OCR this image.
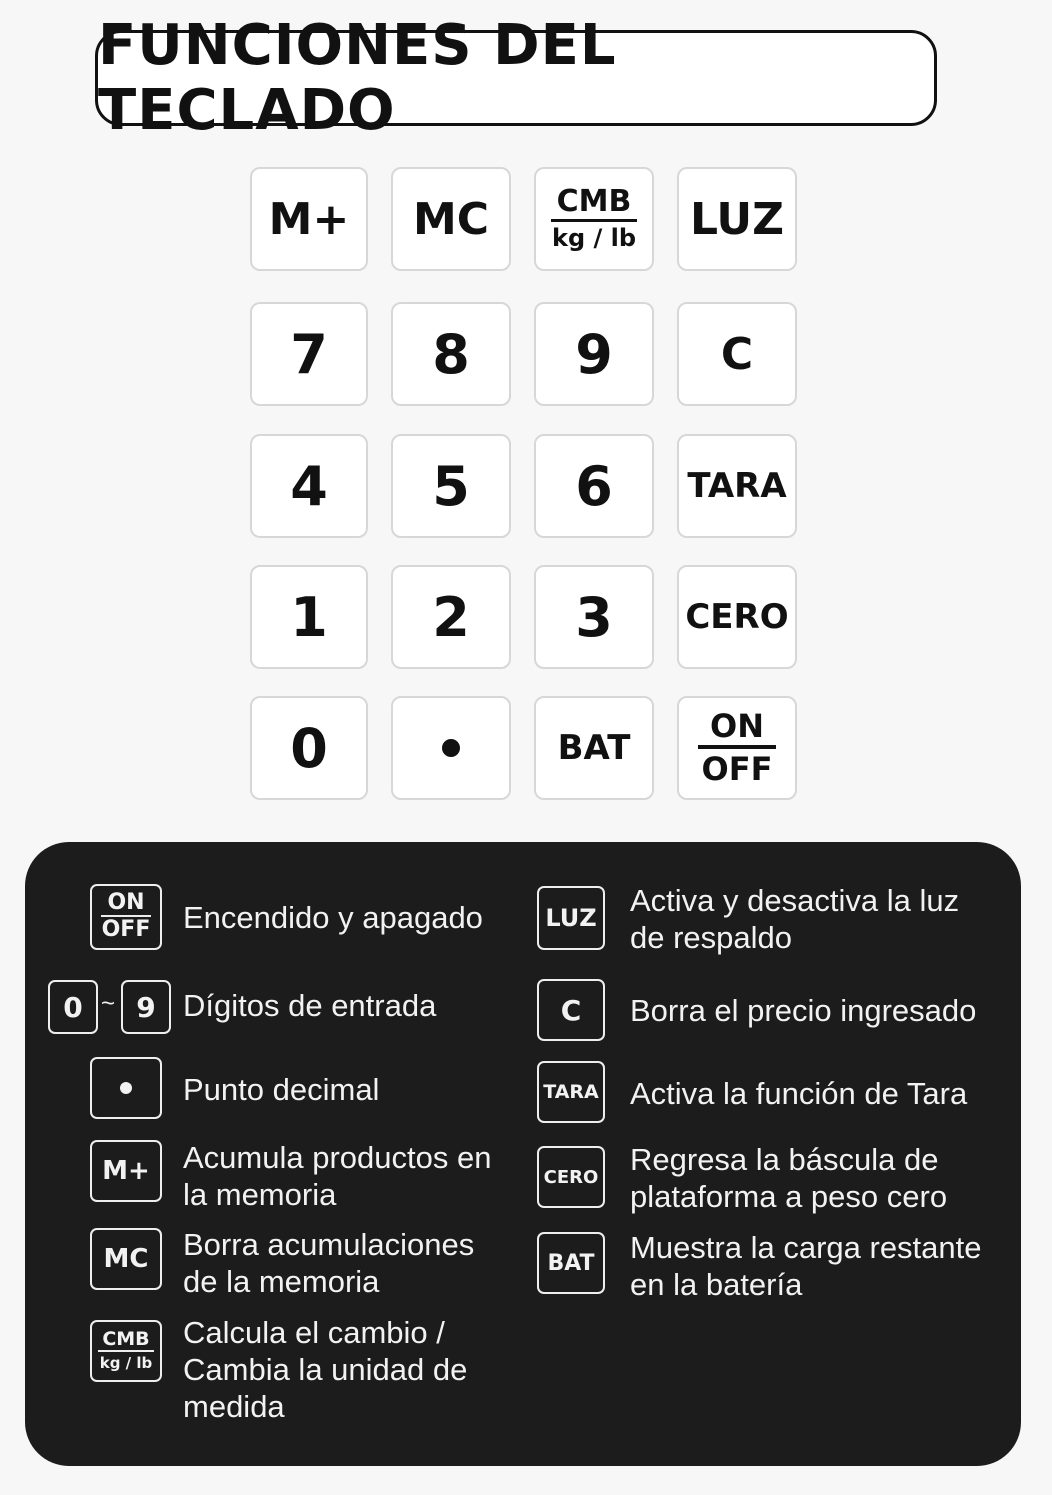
FUNCIONES DEL TECLADO
M+ MC CMB
kg / lb LUZ
7 8 9 C
4 5 6 TARA
1 2 3 CERO
0	BAT
ON
OFF
ON
OFF Encendido y apagado
0 ~ 9 Dígitos de entrada
Punto decimal
M+ Acumula productos en
la memoria
MC Borra acumulaciones
de la memoria
CMB
kg / lb
Calcula el cambio /
Cambia la unidad de
medida
LUZ Activa y desactiva la luz
de respaldo
C Borra el precio ingresado
TARA Activa la función de Tara
CERO Regresa la báscula de
plataforma a peso cero
BAT Muestra la carga restante
en la batería
